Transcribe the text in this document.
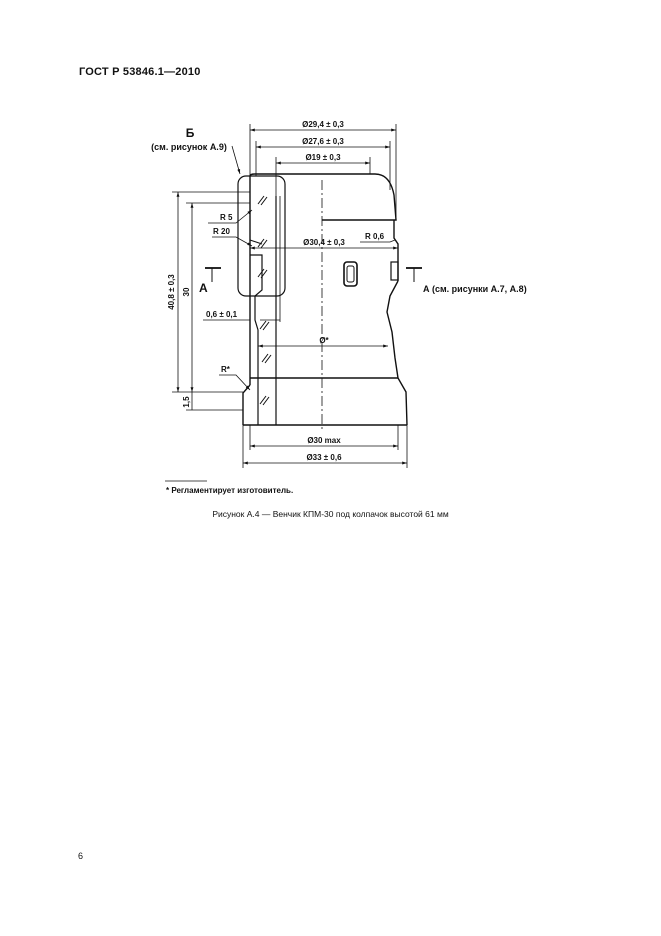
ГОСТ Р 53846.1—2010
Ø29,4 ± 0,3
Ø27,6 ± 0,3
Ø19 ± 0,3
Ø30,4 ± 0,3
Ø*
Ø30 max
Ø33 ± 0,6
40,8 ± 0,3 30
1,5
R 5
R 20
R 0,6
0,6 ± 0,1
R*
А	А (см. рисунки А.7, А.8)
Б
(см. рисунок А.9)
* Регламентирует изготовитель.
Рисунок А.4 — Венчик КПМ-30 под колпачок высотой 61 мм
6
